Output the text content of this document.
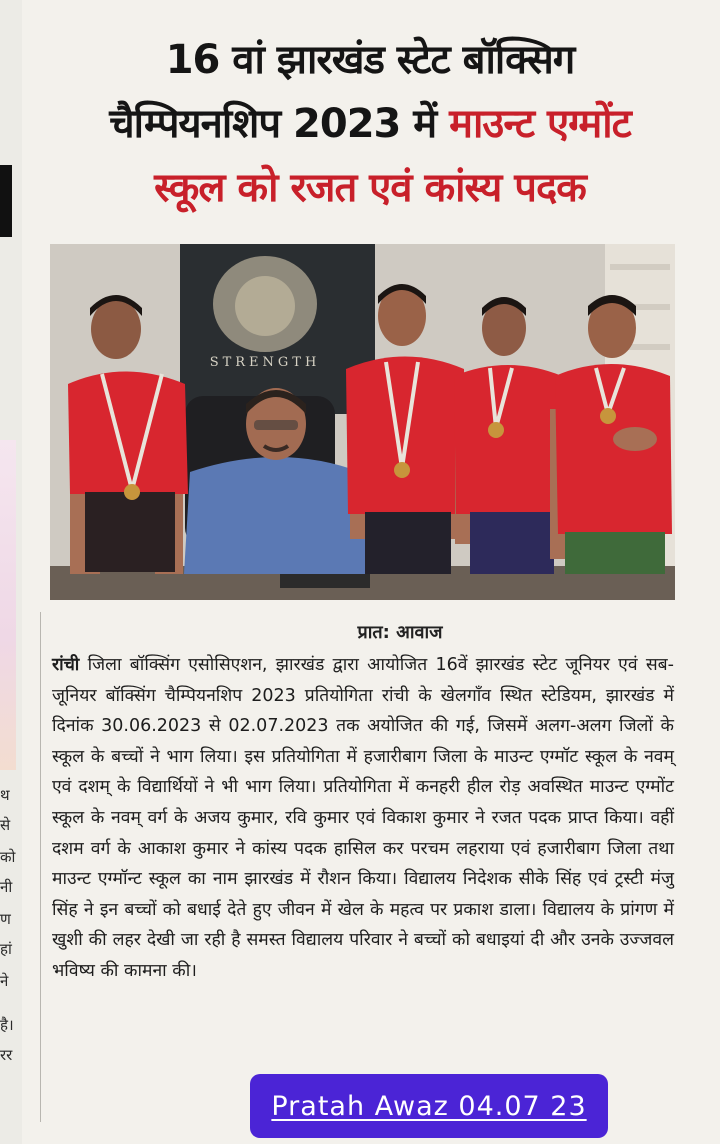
थ
से
को
नी
ण
हां
ने
है।
रर
16 वां झारखंड स्टेट बॉक्सिग
चैम्पियनशिप 2023 में माउन्ट एग्मोंट
स्कूल को रजत एवं कांस्य पदक
STRENGTH
प्रात: आवाज
रांची जिला बॉक्सिंग एसोसिएशन, झारखंड द्वारा आयोजित 16वें झारखंड स्टेट जूनियर एवं सब- जूनियर बॉक्सिंग चैम्पियनशिप 2023 प्रतियोगिता रांची के खेलगाँव स्थित स्टेडियम, झारखंड में दिनांक 30.06.2023 से 02.07.2023 तक अयोजित की गई, जिसमें अलग-अलग जिलों के स्कूल के बच्चों ने भाग लिया। इस प्रतियोगिता में हजारीबाग जिला के माउन्ट एग्मॉट स्कूल के नवम् एवं दशम् के विद्यार्थियों ने भी भाग लिया। प्रतियोगिता में कनहरी हील रोड़ अवस्थित माउन्ट एग्मोंट स्कूल के नवम् वर्ग के अजय कुमार, रवि कुमार एवं विकाश कुमार ने रजत पदक प्राप्त किया। वहीं दशम वर्ग के आकाश कुमार ने कांस्य पदक हासिल कर परचम लहराया एवं हजारीबाग जिला तथा माउन्ट एग्मॉन्ट स्कूल का नाम झारखंड में रौशन किया। विद्यालय निदेशक सीके सिंह एवं ट्रस्टी मंजु सिंह ने इन बच्चों को बधाई देते हुए जीवन में खेल के महत्व पर प्रकाश डाला। विद्यालय के प्रांगण में खुशी की लहर देखी जा रही है समस्त विद्यालय परिवार ने बच्चों को बधाइयां दी और उनके उज्जवल भविष्य की कामना की।
Pratah Awaz 04.07 23
